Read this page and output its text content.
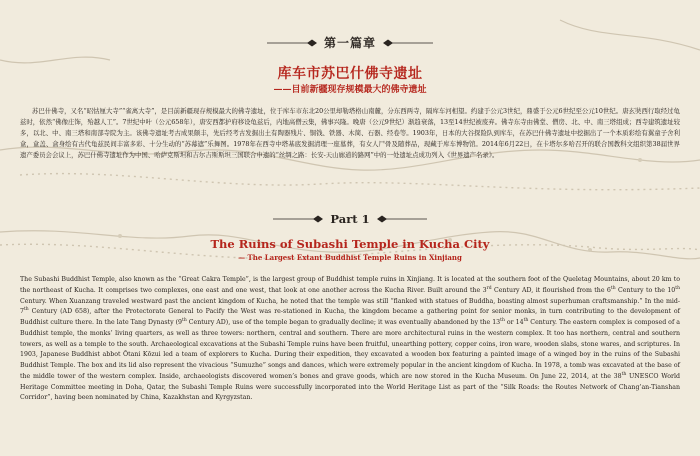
第一篇章
库车市苏巴什佛寺遗址
——目前新疆现存规模最大的佛寺遗址

苏巴什佛寺，又名“昭怙厘大寺”“雀离大寺”，是目前新疆现存规模最大的佛寺遗址，位于库车市东北20公里却勒塔格山南麓，分东西两寺，隔库车河相望。约建于公元3世纪，鼎盛于公元6世纪至公元10世纪。唐玄奘西行取经过龟兹时，依然“佛像庄饰，殆越人工”。7世纪中叶（公元658年），唐安西都护府移设龟兹后，内地高僧云集，佛事兴隆。晚唐（公元9世纪）渐趋衰落，13至14世纪被废弃。佛寺东寺由佛堂、僧房、北、中、南三塔组成；西寺建筑遗址较多，以北、中、南三塔和南部寺院为主。该佛寺遗址考古成果颇丰，先后经考古发掘出土有陶器残片、铜钱、铁器、木简、石器、经卷等。1903年，日本的大谷探险队到库车，在苏巴什佛寺遗址中挖掘出了一个本质彩绘有翼童子舍利盒，盒盖、盒身绘有古代龟兹民间丰富多彩、十分生动的“苏幕遮”乐舞图。1978年在西寺中塔基底发掘清理一座墓葬，有女人尸骨及随葬品，现藏于库车博物馆。2014年6月22日，在卡塔尔多哈召开的联合国教科文组织第38届世界遗产委员会会议上，苏巴什佛寺遗址作为中国、哈萨克斯坦和吉尔吉斯斯坦三国联合申遗的“丝绸之路：长安-天山廊道的路网”中的一处遗址点成功列入《世界遗产名录》。

Part 1
The Ruins of Subashi Temple in Kucha City
— The Largest Extant Buddhist Temple Ruins in Xinjiang

The Subashi Buddhist Temple, also known as the “Great Cakra Temple”, is the largest group of Buddhist temple ruins in Xinjiang. It is located at the southern foot of the Queletag Mountains, about 20 km to the northeast of Kucha. It comprises two complexes, one east and one west, that look at one another across the Kucha River. Built around the 3rd Century AD, it flourished from the 6th Century to the 10th Century. When Xuanzang traveled westward past the ancient kingdom of Kucha, he noted that the temple was still “flanked with statues of Buddha, boasting almost superhuman craftsmanship.” In the mid-7th Century (AD 658), after the Protectorate General to Pacify the West was re-stationed in Kucha, the kingdom became a gathering point for senior monks, in turn contributing to the development of Buddhist culture there. In the late Tang Dynasty (9th Century AD), use of the temple began to gradually decline; it was eventually abandoned by the 13th or 14th Century. The eastern complex is composed of a Buddhist temple, the monks’ living quarters, as well as three towers: northern, central and southern. There are more architectural ruins in the western complex. It too has northern, central and southern towers, as well as a temple to the south. Archaeological excavations at the Subashi Temple ruins have been fruitful, unearthing pottery, copper coins, iron ware, wooden slabs, stone wares, and scriptures. In 1903, Japanese Buddhist abbot Ōtani Kōzui led a team of explorers to Kucha. During their expedition, they excavated a wooden box featuring a painted image of a winged boy in the ruins of the Subashi Buddhist Temple. The box and its lid also represent the vivacious “Sumuzhe” songs and dances, which were extremely popular in the ancient kingdom of Kucha. In 1978, a tomb was excavated at the base of the middle tower of the western complex. Inside, archaeologists discovered women’s bones and grave goods, which are now stored in the Kucha Museum. On June 22, 2014, at the 38th UNESCO World Heritage Committee meeting in Doha, Qatar, the Subashi Temple Ruins were successfully incorporated into the World Heritage List as part of the “Silk Roads: the Routes Network of Chang’an-Tianshan Corridor”, having been nominated by China, Kazakhstan and Kyrgyzstan.
